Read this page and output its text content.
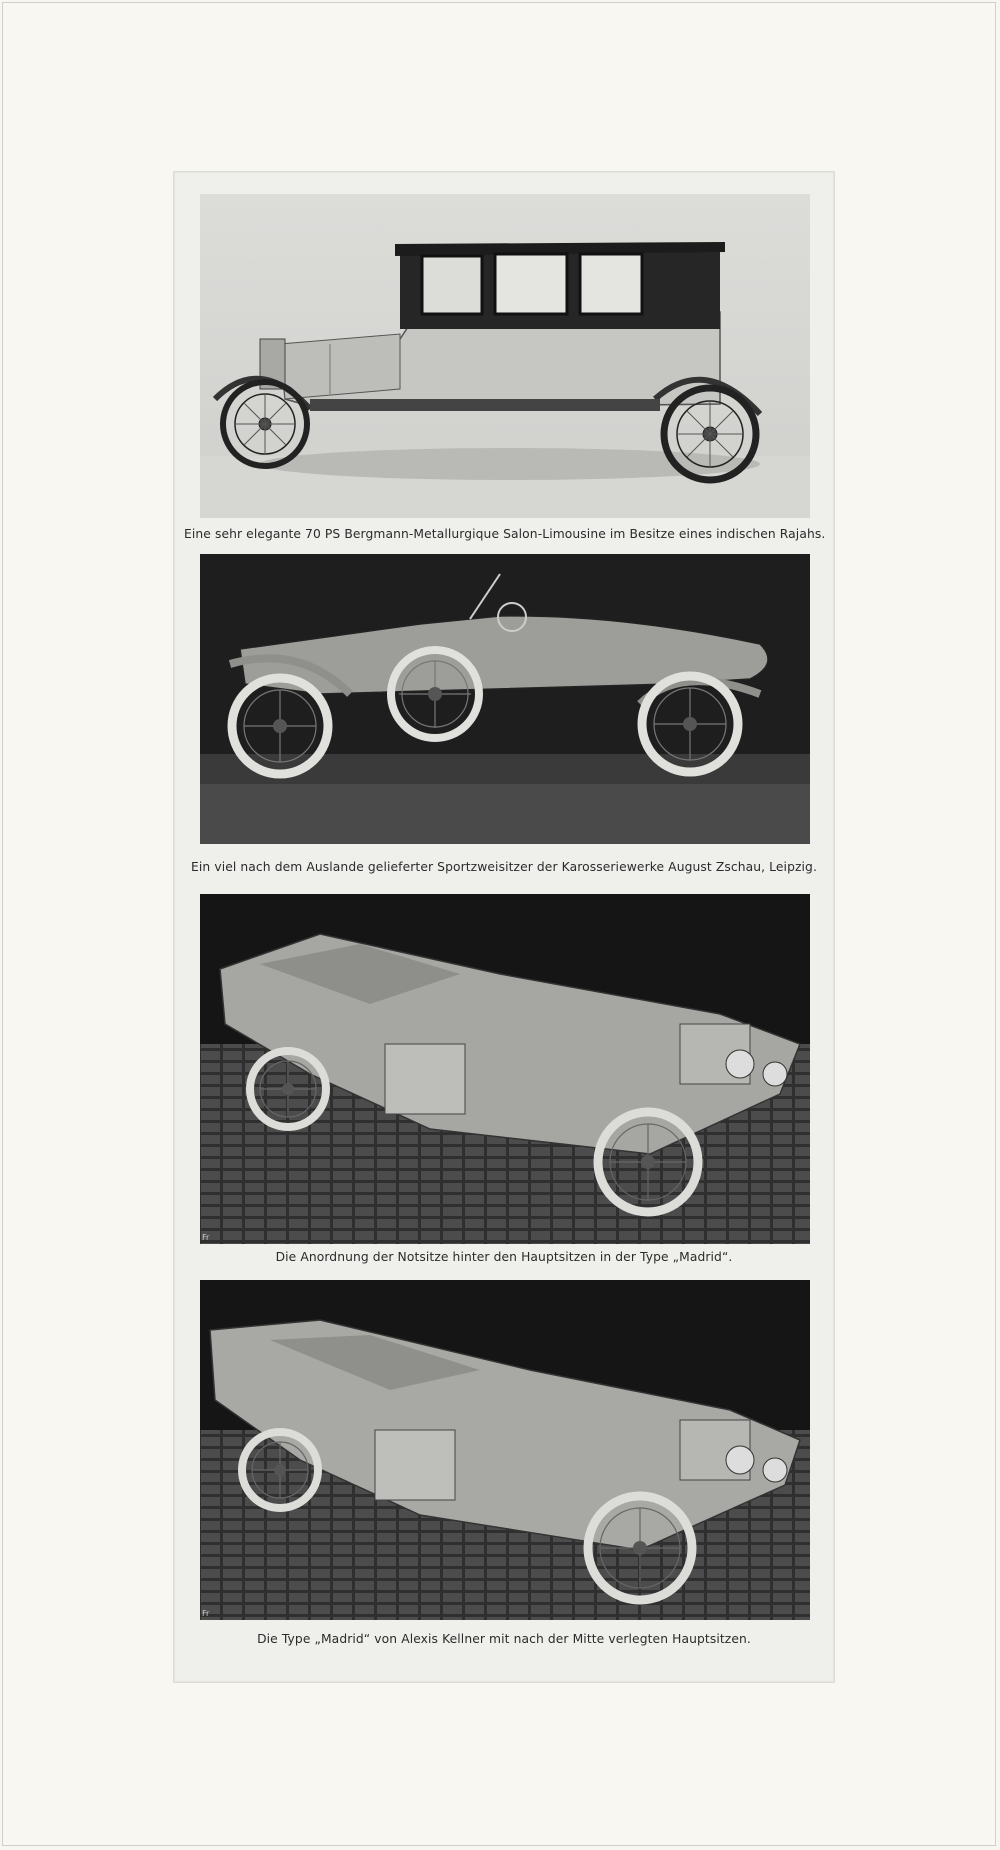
Eine sehr elegante 70 PS Bergmann-Metallurgique Salon-Limousine im Besitze eines indischen Rajahs.
Ein viel nach dem Auslande gelieferter Sportzweisitzer der Karosseriewerke August Zschau, Leipzig.
Fr
Die Anordnung der Notsitze hinter den Hauptsitzen in der Type „Madrid“.
Fr
Die Type „Madrid“ von Alexis Kellner mit nach der Mitte verlegten Hauptsitzen.
